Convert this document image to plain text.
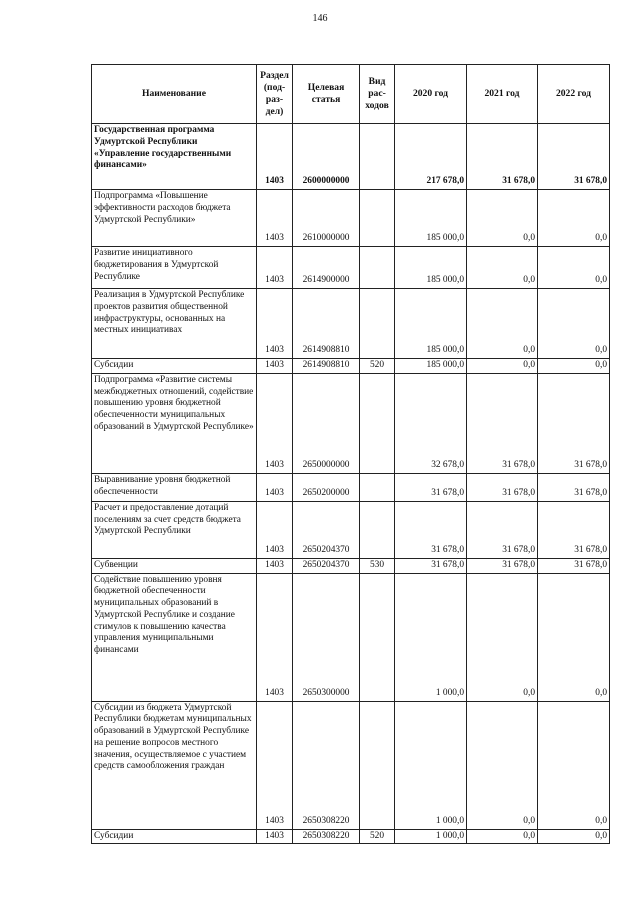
146
Наименование	Раздел (под-раз-дел)	Целевая статья	Вид рас-ходов	2020 год	2021 год	2022 год
Государственная программа Удмуртской Республики «Управление государственными финансами»	1403	2600000000		217 678,0	31 678,0	31 678,0
Подпрограмма «Повышение эффективности расходов бюджета Удмуртской Республики»	1403	2610000000		185 000,0	0,0	0,0
Развитие инициативного бюджетирования в Удмуртской Республике	1403	2614900000		185 000,0	0,0	0,0
Реализация в Удмуртской Республике проектов развития общественной инфраструктуры, основанных на местных инициативах	1403	2614908810		185 000,0	0,0	0,0
Субсидии	1403	2614908810	520	185 000,0	0,0	0,0
Подпрограмма «Развитие системы межбюджетных отношений, содействие повышению уровня бюджетной обеспеченности муниципальных образований в Удмуртской Республике»	1403	2650000000		32 678,0	31 678,0	31 678,0
Выравнивание уровня бюджетной обеспеченности	1403	2650200000		31 678,0	31 678,0	31 678,0
Расчет и предоставление дотаций поселениям за счет средств бюджета Удмуртской Республики	1403	2650204370		31 678,0	31 678,0	31 678,0
Субвенции	1403	2650204370	530	31 678,0	31 678,0	31 678,0
Содействие повышению уровня бюджетной обеспеченности муниципальных образований в Удмуртской Республике и создание стимулов к повышению качества управления муниципальными финансами	1403	2650300000		1 000,0	0,0	0,0
Субсидии из бюджета Удмуртской Республики бюджетам муниципальных образований в Удмуртской Республике на решение вопросов местного значения, осуществляемое с участием средств самообложения граждан	1403	2650308220		1 000,0	0,0	0,0
Субсидии	1403	2650308220	520	1 000,0	0,0	0,0
